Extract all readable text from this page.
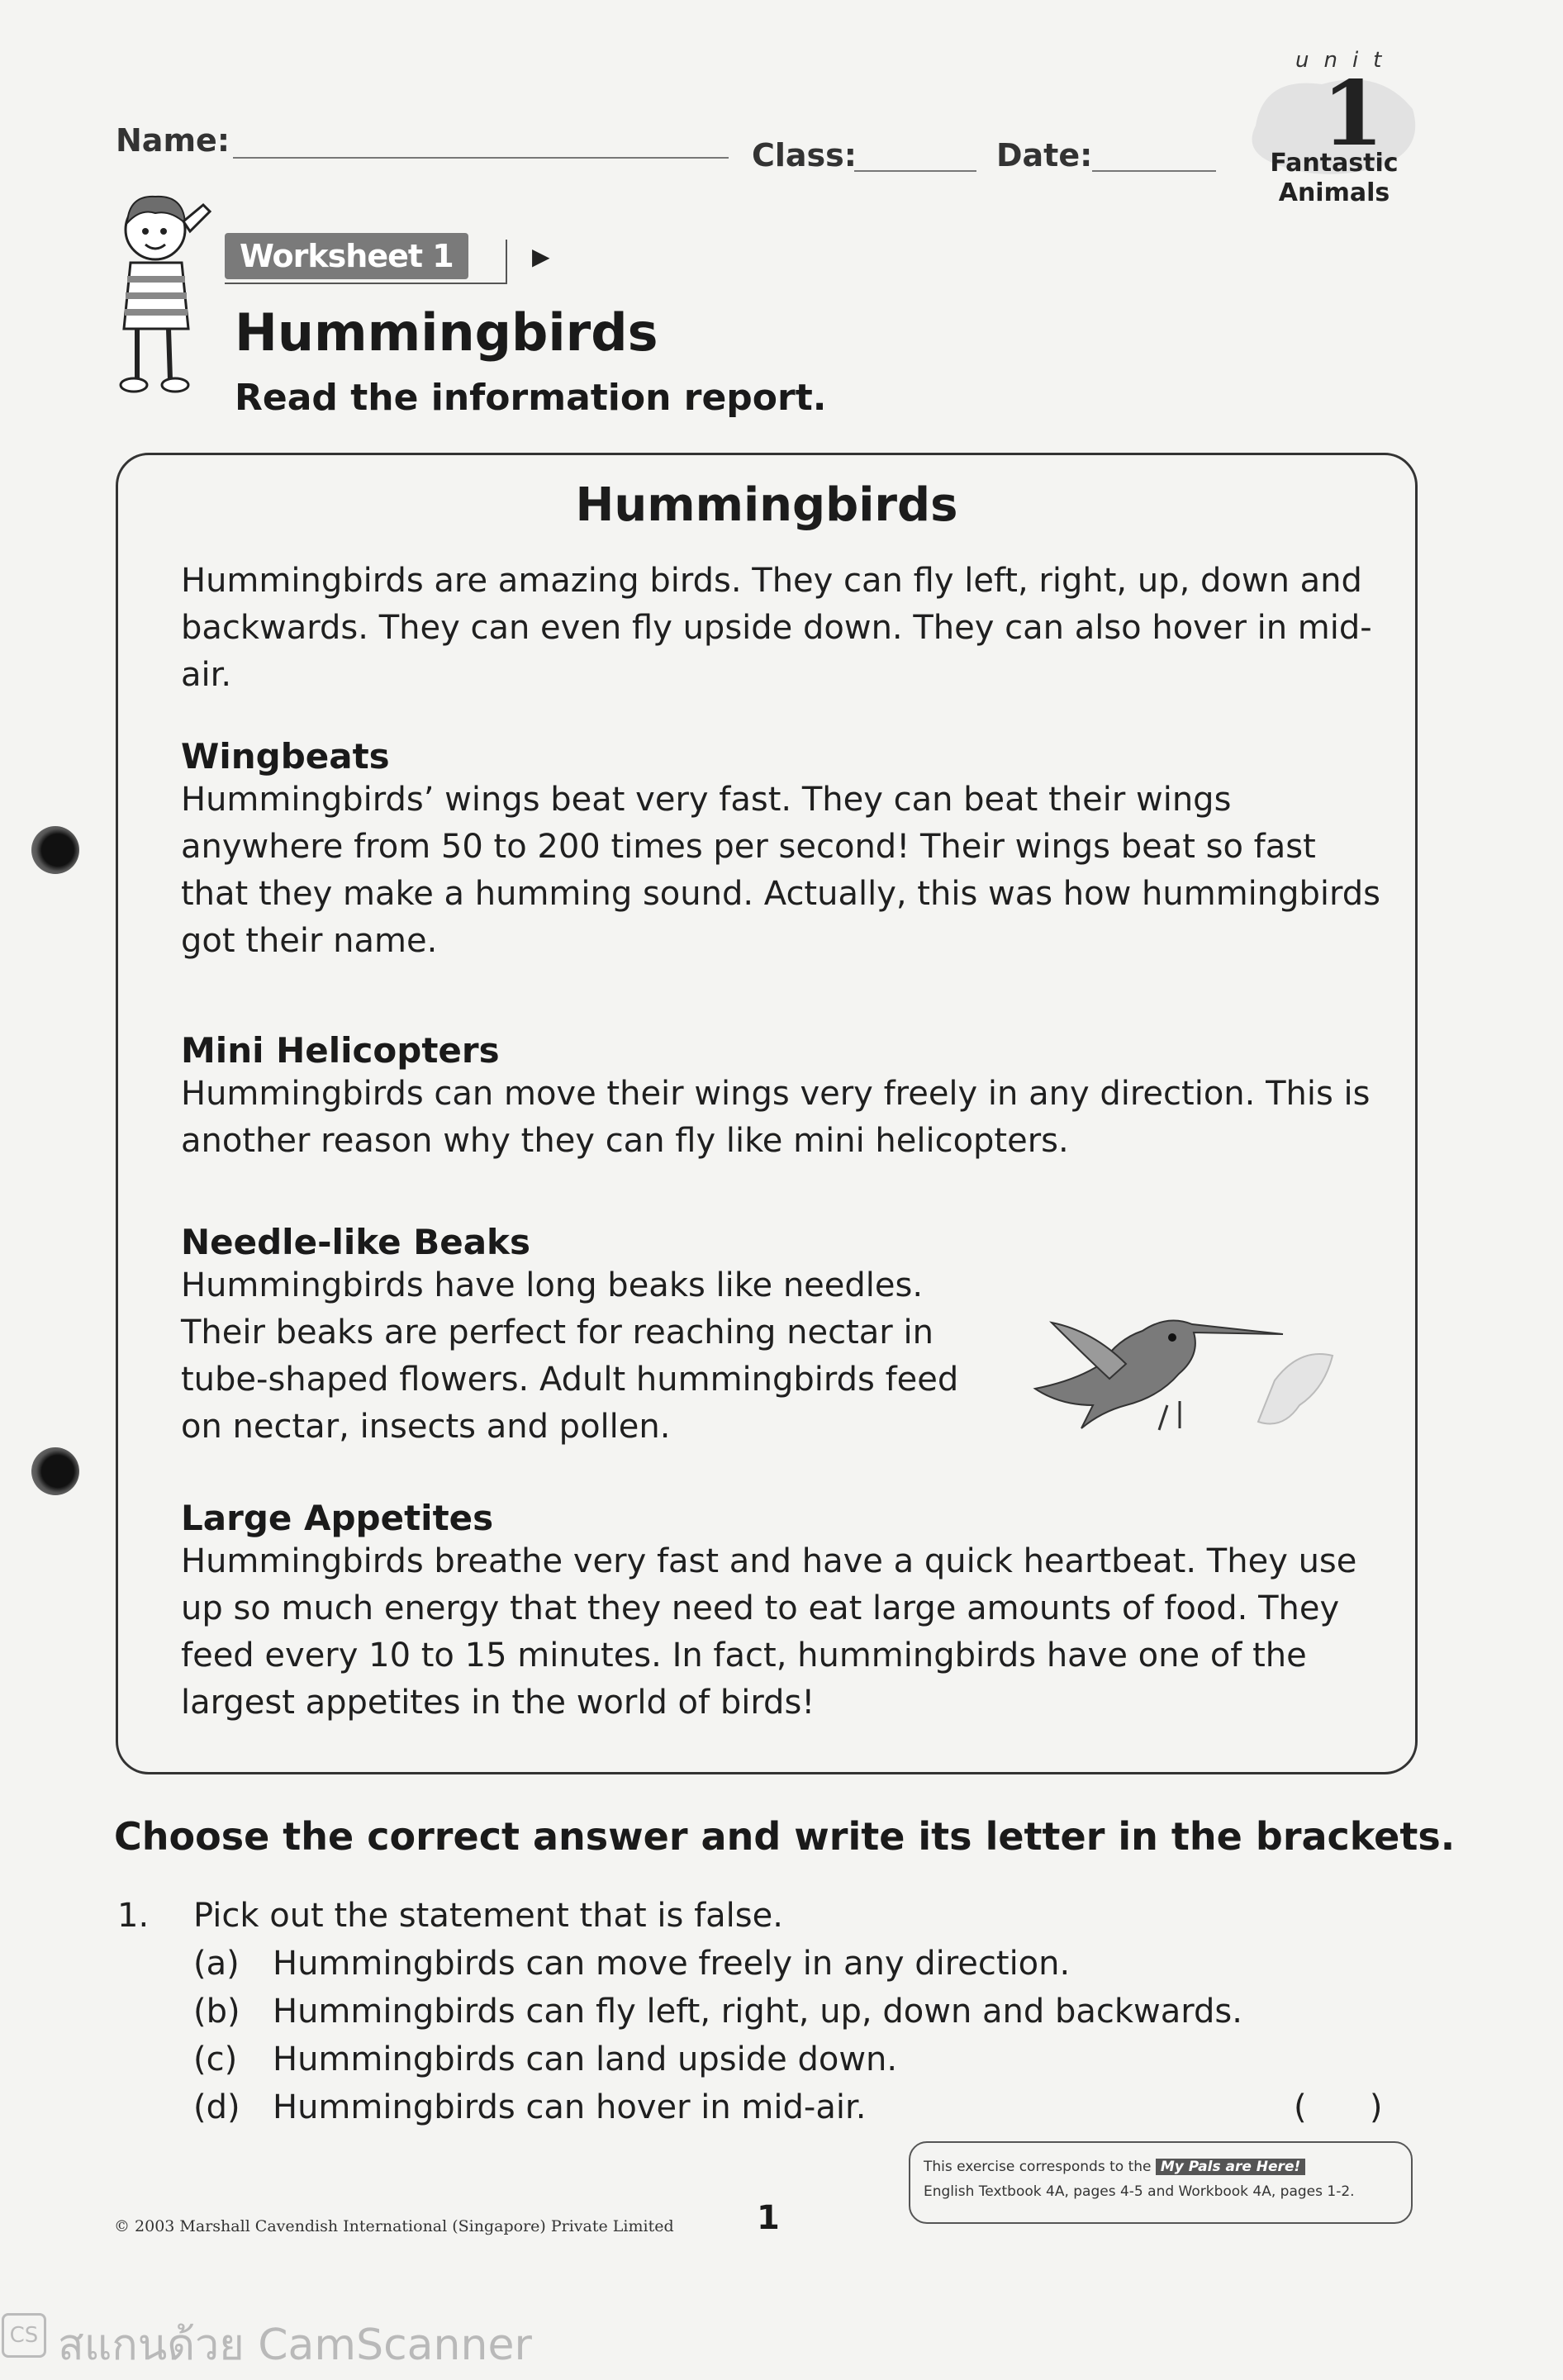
Name:	Class:	Date:
unit
1
Fantastic
Animals
Worksheet 1	▶
Hummingbirds
Read the information report.
Hummingbirds
Hummingbirds are amazing birds. They can fly left, right, up, down and
backwards. They can even fly upside down. They can also hover in mid-
air.
Wingbeats
Hummingbirds’ wings beat very fast. They can beat their wings
anywhere from 50 to 200 times per second! Their wings beat so fast
that they make a humming sound. Actually, this was how hummingbirds
got their name.
Mini Helicopters
Hummingbirds can move their wings very freely in any direction. This is
another reason why they can fly like mini helicopters.
Needle-like Beaks
Hummingbirds have long beaks like needles.
Their beaks are perfect for reaching nectar in
tube-shaped flowers. Adult hummingbirds feed
on nectar, insects and pollen.
Large Appetites
Hummingbirds breathe very fast and have a quick heartbeat. They use
up so much energy that they need to eat large amounts of food. They
feed every 10 to 15 minutes. In fact, hummingbirds have one of the
largest appetites in the world of birds!
Choose the correct answer and write its letter in the brackets.
1. Pick out the statement that is false.
(a) Hummingbirds can move freely in any direction.
(b) Hummingbirds can fly left, right, up, down and backwards.
(c) Hummingbirds can land upside down.
(d) Hummingbirds can hover in mid-air.	(      )
This exercise corresponds to the My Pals are Here!
English Textbook 4A, pages 4-5 and Workbook 4A, pages 1-2.
© 2003 Marshall Cavendish International (Singapore) Private Limited	1
CS สแกนด้วย CamScanner
